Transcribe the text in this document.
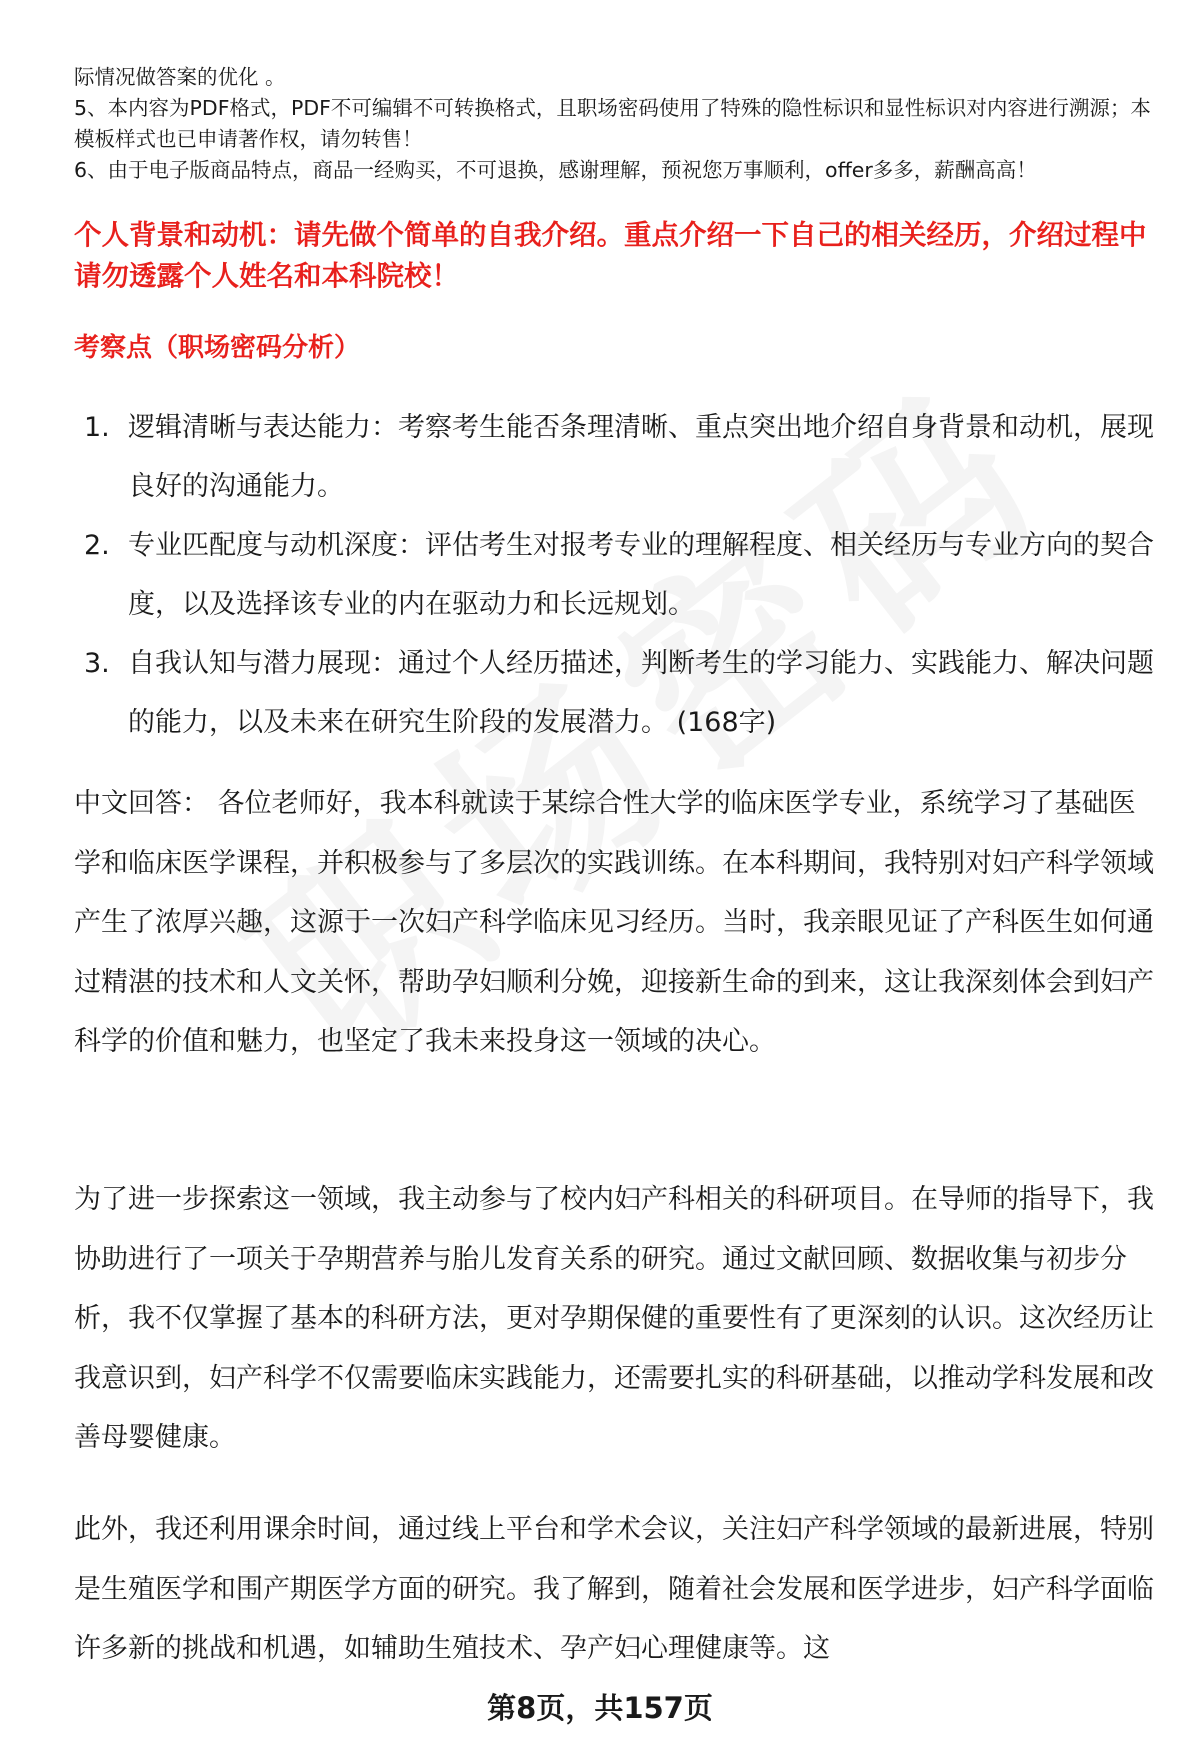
际情况做答案的优化 。

5、本内容为PDF格式，PDF不可编辑不可转换格式，且职场密码使用了特殊的隐性标识和显性标识对内容进行溯源；本模板样式也已申请著作权，请勿转售！

6、由于电子版商品特点，商品一经购买，不可退换，感谢理解，预祝您万事顺利，offer多多，薪酬高高！

个人背景和动机：请先做个简单的自我介绍。重点介绍一下自己的相关经历，介绍过程中请勿透露个人姓名和本科院校！
考察点（职场密码分析）
1. 逻辑清晰与表达能力：考察考生能否条理清晰、重点突出地介绍自身背景和动机，展现良好的沟通能力。
2. 专业匹配度与动机深度：评估考生对报考专业的理解程度、相关经历与专业方向的契合度，以及选择该专业的内在驱动力和长远规划。
3. 自我认知与潜力展现：通过个人经历描述，判断考生的学习能力、实践能力、解决问题的能力，以及未来在研究生阶段的发展潜力。 (168字)

中文回答： 各位老师好，我本科就读于某综合性大学的临床医学专业，系统学习了基础医学和临床医学课程，并积极参与了多层次的实践训练。在本科期间，我特别对妇产科学领域产生了浓厚兴趣，这源于一次妇产科学临床见习经历。当时，我亲眼见证了产科医生如何通过精湛的技术和人文关怀，帮助孕妇顺利分娩，迎接新生命的到来，这让我深刻体会到妇产科学的价值和魅力，也坚定了我未来投身这一领域的决心。

为了进一步探索这一领域，我主动参与了校内妇产科相关的科研项目。在导师的指导下，我协助进行了一项关于孕期营养与胎儿发育关系的研究。通过文献回顾、数据收集与初步分析，我不仅掌握了基本的科研方法，更对孕期保健的重要性有了更深刻的认识。这次经历让我意识到，妇产科学不仅需要临床实践能力，还需要扎实的科研基础，以推动学科发展和改善母婴健康。

此外，我还利用课余时间，通过线上平台和学术会议，关注妇产科学领域的最新进展，特别是生殖医学和围产期医学方面的研究。我了解到，随着社会发展和医学进步，妇产科学面临许多新的挑战和机遇，如辅助生殖技术、孕产妇心理健康等。这

第8页，共157页
